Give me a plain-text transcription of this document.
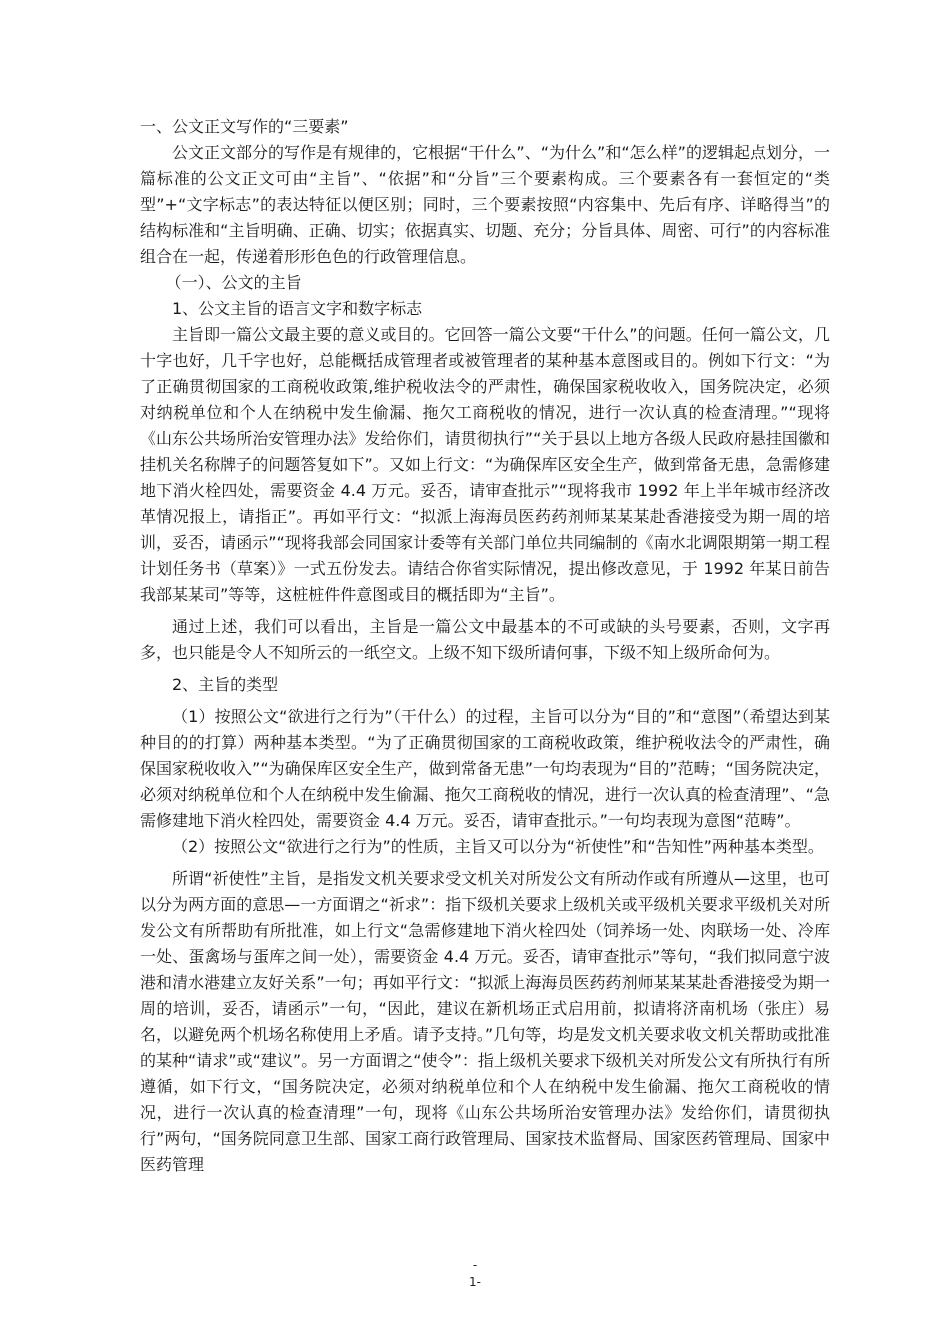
一、公文正文写作的“三要素”

公文正文部分的写作是有规律的，它根据“干什么”、“为什么”和“怎么样”的逻辑起点划分，一篇标准的公文正文可由“主旨”、“依据”和“分旨”三个要素构成。三个要素各有一套恒定的“类型”+“文字标志”的表达特征以便区别；同时，三个要素按照“内容集中、先后有序、详略得当”的结构标准和“主旨明确、正确、切实；依据真实、切题、充分；分旨具体、周密、可行”的内容标准组合在一起，传递着形形色色的行政管理信息。

（一）、公文的主旨

1、公文主旨的语言文字和数字标志

主旨即一篇公文最主要的意义或目的。它回答一篇公文要“干什么”的问题。任何一篇公文，几十字也好，几千字也好，总能概括成管理者或被管理者的某种基本意图或目的。例如下行文：“为了正确贯彻国家的工商税收政策,维护税收法令的严肃性，确保国家税收收入，国务院决定，必须对纳税单位和个人在纳税中发生偷漏、拖欠工商税收的情况，进行一次认真的检查清理。”“现将《山东公共场所治安管理办法》发给你们，请贯彻执行”“关于县以上地方各级人民政府悬挂国徽和挂机关名称牌子的问题答复如下”。又如上行文：“为确保库区安全生产，做到常备无患，急需修建地下消火栓四处，需要资金 4.4 万元。妥否，请审查批示”“现将我市 1992 年上半年城市经济改革情况报上，请指正”。再如平行文：“拟派上海海员医药药剂师某某某赴香港接受为期一周的培训，妥否，请函示”“现将我部会同国家计委等有关部门单位共同编制的《南水北调限期第一期工程计划任务书（草案）》一式五份发去。请结合你省实际情况，提出修改意见，于 1992 年某日前告我部某某司”等等，这桩桩件件意图或目的概括即为“主旨”。

通过上述，我们可以看出，主旨是一篇公文中最基本的不可或缺的头号要素，否则，文字再多，也只能是令人不知所云的一纸空文。上级不知下级所请何事，下级不知上级所命何为。

2、主旨的类型

（1）按照公文“欲进行之行为”（干什么）的过程，主旨可以分为“目的”和“意图”（希望达到某种目的的打算）两种基本类型。“为了正确贯彻国家的工商税收政策，维护税收法令的严肃性，确保国家税收收入”“为确保库区安全生产，做到常备无患”一句均表现为“目的”范畴；“国务院决定，必须对纳税单位和个人在纳税中发生偷漏、拖欠工商税收的情况，进行一次认真的检查清理”、“急需修建地下消火栓四处，需要资金 4.4 万元。妥否，请审查批示。”一句均表现为意图“范畴”。

（2）按照公文“欲进行之行为”的性质，主旨又可以分为“祈使性”和“告知性”两种基本类型。

所谓“祈使性”主旨，是指发文机关要求受文机关对所发公文有所动作或有所遵从—这里，也可以分为两方面的意思—一方面谓之“祈求”：指下级机关要求上级机关或平级机关要求平级机关对所发公文有所帮助有所批准，如上行文“急需修建地下消火栓四处（饲养场一处、肉联场一处、冷库一处、蛋禽场与蛋库之间一处），需要资金 4.4 万元。妥否，请审查批示”等句，“我们拟同意宁波港和清水港建立友好关系”一句；再如平行文：“拟派上海海员医药药剂师某某某赴香港接受为期一周的培训，妥否，请函示”一句，“因此，建议在新机场正式启用前，拟请将济南机场（张庄）易名，以避免两个机场名称使用上矛盾。请予支持。”几句等，均是发文机关要求收文机关帮助或批准的某种“请求”或“建议”。另一方面谓之“使令”：指上级机关要求下级机关对所发公文有所执行有所遵循，如下行文，“国务院决定，必须对纳税单位和个人在纳税中发生偷漏、拖欠工商税收的情况，进行一次认真的检查清理”一句，现将《山东公共场所治安管理办法》发给你们，请贯彻执行”两句，“国务院同意卫生部、国家工商行政管理局、国家技术监督局、国家医药管理局、国家中医药管理

-
1-
